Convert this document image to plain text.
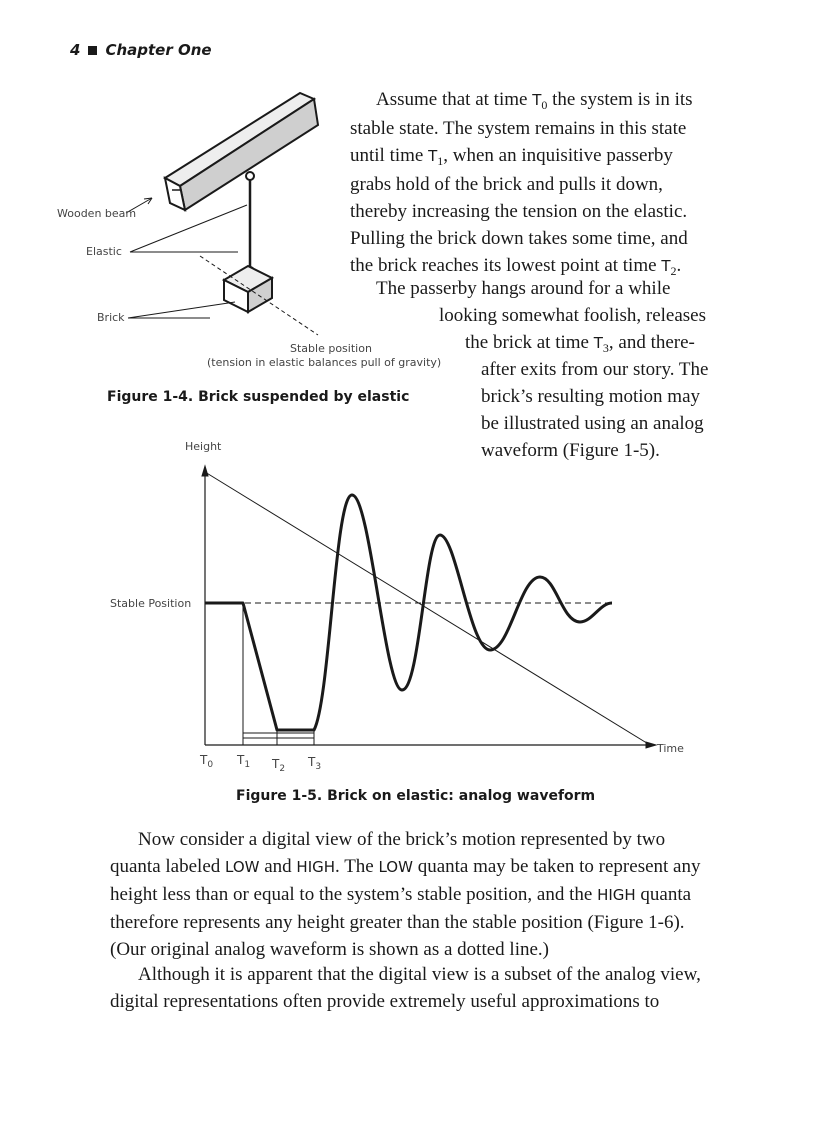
4 Chapter One
Assume that at time $T_0$ the system is in its
stable state. The system remains in this state
until time $T_1$, when an inquisitive passerby
grabs hold of the brick and pulls it down,
thereby increasing the tension on the elastic.
Pulling the brick down takes some time, and
the brick reaches its lowest point at time $T_2$.
The passerby hangs around for a while
looking somewhat foolish, releases
the brick at time $T_3$, and there-
after exits from our story. The
brick’s resulting motion may
be illustrated using an analog
waveform (Figure 1-5).
Wooden beam
Elastic
Brick
Stable position
(tension in elastic balances pull of gravity)
Figure 1-4. Brick suspended by elastic
Height
Stable Position
Time
$T_0$ $T_1$ $T_2$ $T_3$
Figure 1-5. Brick on elastic: analog waveform
Now consider a digital view of the brick’s motion represented by two
quanta labeled LOW and HIGH. The LOW quanta may be taken to represent any
height less than or equal to the system’s stable position, and the HIGH quanta
therefore represents any height greater than the stable position (Figure 1-6).
(Our original analog waveform is shown as a dotted line.)
Although it is apparent that the digital view is a subset of the analog view,
digital representations often provide extremely useful approximations to
